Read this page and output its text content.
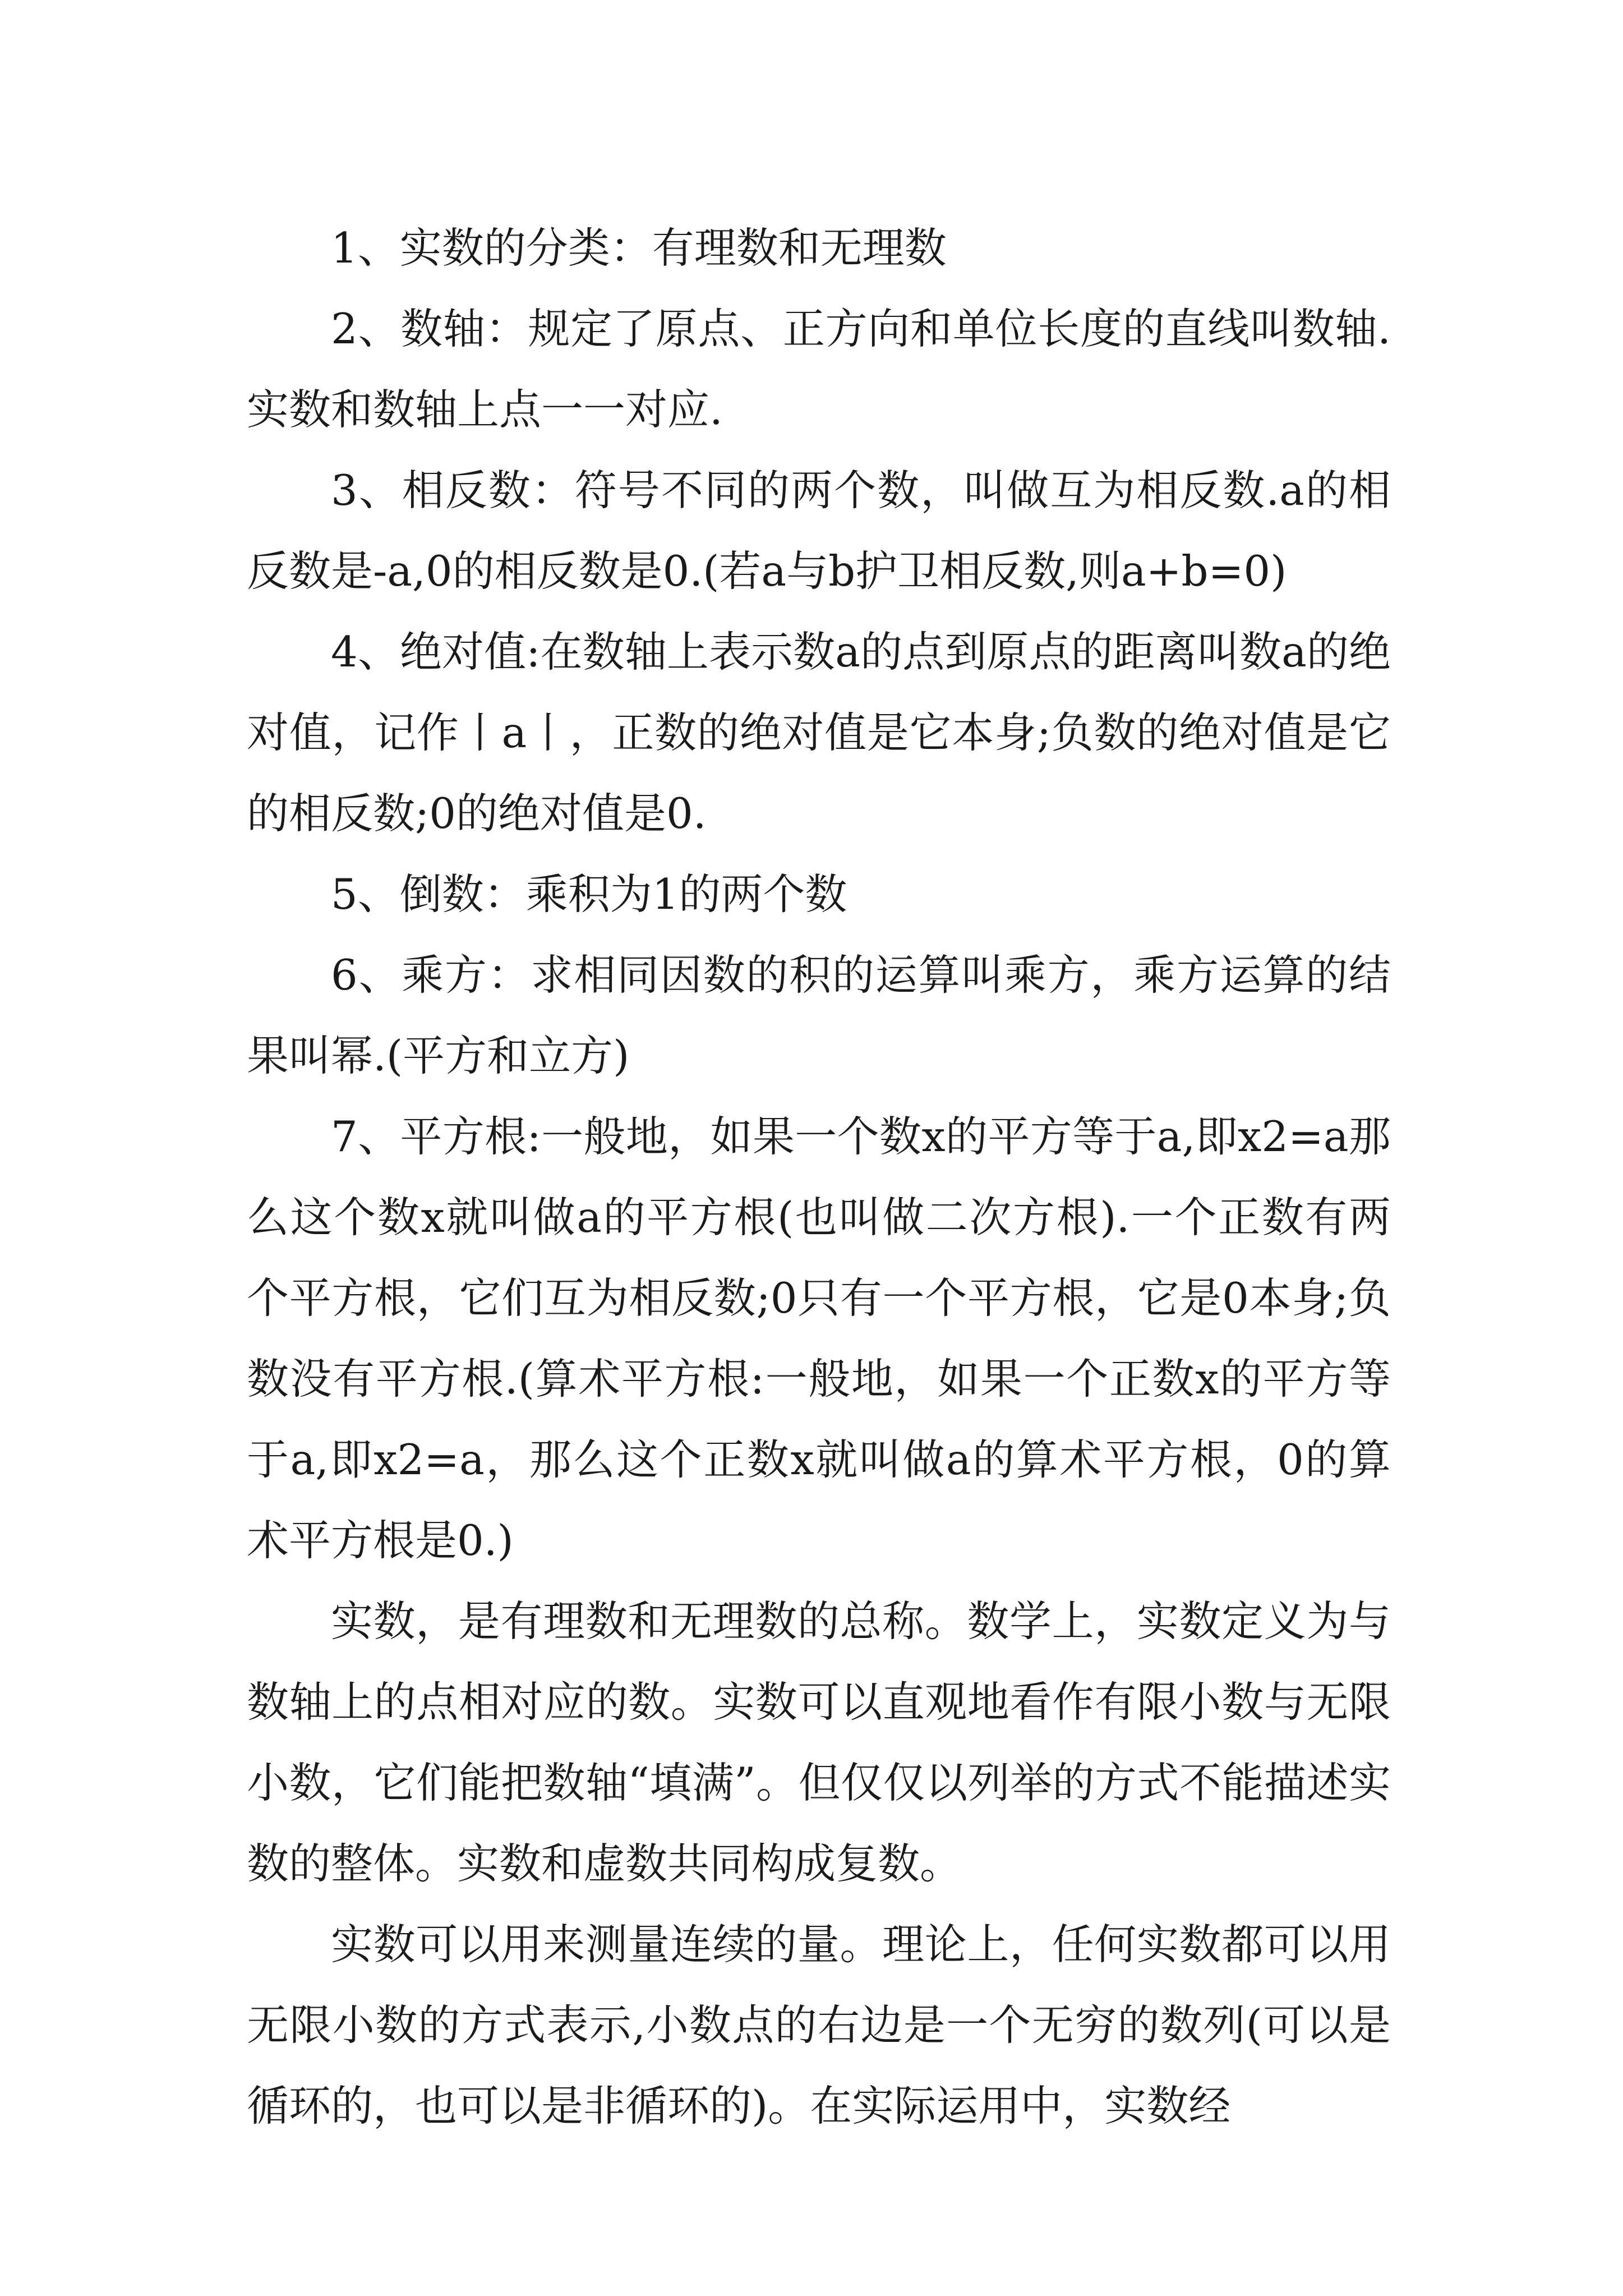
1、实数的分类：有理数和无理数

2、数轴：规定了原点、正方向和单位长度的直线叫数轴.实数和数轴上点一一对应.

3、相反数：符号不同的两个数，叫做互为相反数.a的相反数是-a,0的相反数是0.(若a与b护卫相反数,则a+b=0)

4、绝对值:在数轴上表示数a的点到原点的距离叫数a的绝对值，记作丨a丨，正数的绝对值是它本身;负数的绝对值是它的相反数;0的绝对值是0.

5、倒数：乘积为1的两个数

6、乘方：求相同因数的积的运算叫乘方，乘方运算的结果叫幂.(平方和立方)

7、平方根:一般地，如果一个数x的平方等于a,即x2=a那么这个数x就叫做a的平方根(也叫做二次方根).一个正数有两个平方根，它们互为相反数;0只有一个平方根，它是0本身;负数没有平方根.(算术平方根:一般地，如果一个正数x的平方等于a,即x2=a，那么这个正数x就叫做a的算术平方根，0的算术平方根是0.)

实数，是有理数和无理数的总称。数学上，实数定义为与数轴上的点相对应的数。实数可以直观地看作有限小数与无限小数，它们能把数轴“填满”。但仅仅以列举的方式不能描述实数的整体。实数和虚数共同构成复数。

实数可以用来测量连续的量。理论上，任何实数都可以用无限小数的方式表示,小数点的右边是一个无穷的数列(可以是循环的，也可以是非循环的)。在实际运用中，实数经
